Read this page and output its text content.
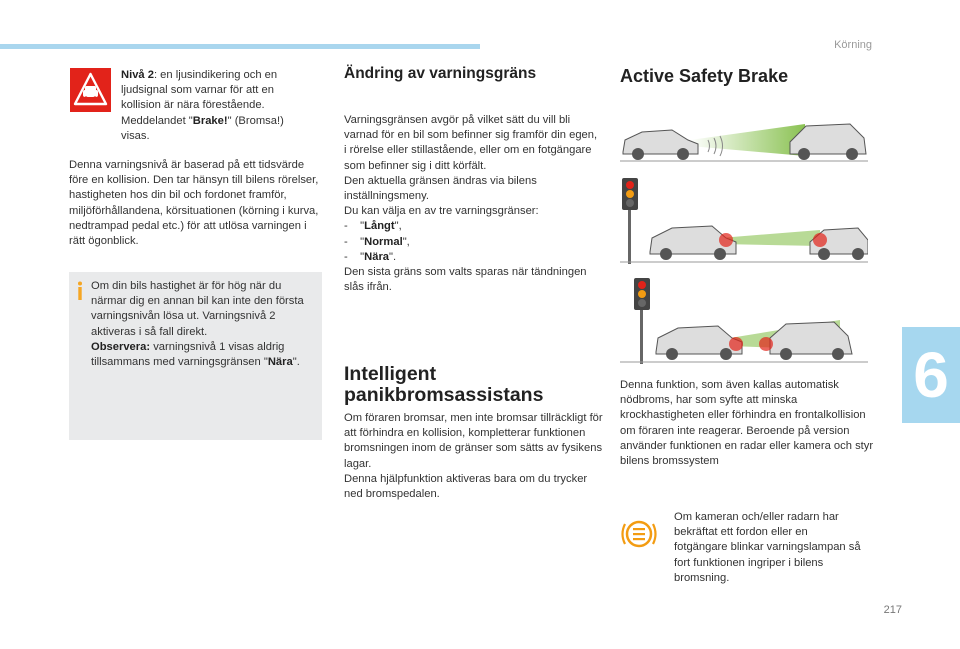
Körning
6
217
Nivå 2: en ljusindikering och en ljudsignal som varnar för att en kollision är nära förestående. Meddelandet "Brake!" (Bromsa!) visas.
Denna varningsnivå är baserad på ett tidsvärde före en kollision. Den tar hänsyn till bilens rörelser, hastigheten hos din bil och fordonet framför, miljöförhållandena, körsituationen (körning i kurva, nedtrampad pedal etc.) för att utlösa varningen i rätt ögonblick.
Om din bils hastighet är för hög när du närmar dig en annan bil kan inte den första varningsnivån lösa ut. Varningsnivå 2 aktiveras i så fall direkt.
Observera: varningsnivå 1 visas aldrig tillsammans med varningsgränsen "Nära".
Ändring av varningsgräns

Varningsgränsen avgör på vilket sätt du vill bli varnad för en bil som befinner sig framför din egen, i rörelse eller stillastående, eller om en fotgängare som befinner sig i ditt körfält.

Den aktuella gränsen ändras via bilens inställningsmeny.

Du kan välja en av tre varningsgränser:

-    "Långt",
-    "Normal",
-    "Nära".

Den sista gräns som valts sparas när tändningen slås ifrån.

Intelligent
panikbromsassistans

Om föraren bromsar, men inte bromsar tillräckligt för att förhindra en kollision, kompletterar funktionen bromsningen inom de gränser som sätts av fysikens lagar.

Denna hjälpfunktion aktiveras bara om du trycker ned bromspedalen.

Active Safety Brake
Denna funktion, som även kallas automatisk nödbroms, har som syfte att minska krockhastigheten eller förhindra en frontalkollision om föraren inte reagerar. Beroende på version använder funktionen en radar eller kamera och styr bilens bromssystem
Om kameran och/eller radarn har bekräftat ett fordon eller en fotgängare blinkar varningslampan så fort funktionen ingriper i bilens bromsning.
